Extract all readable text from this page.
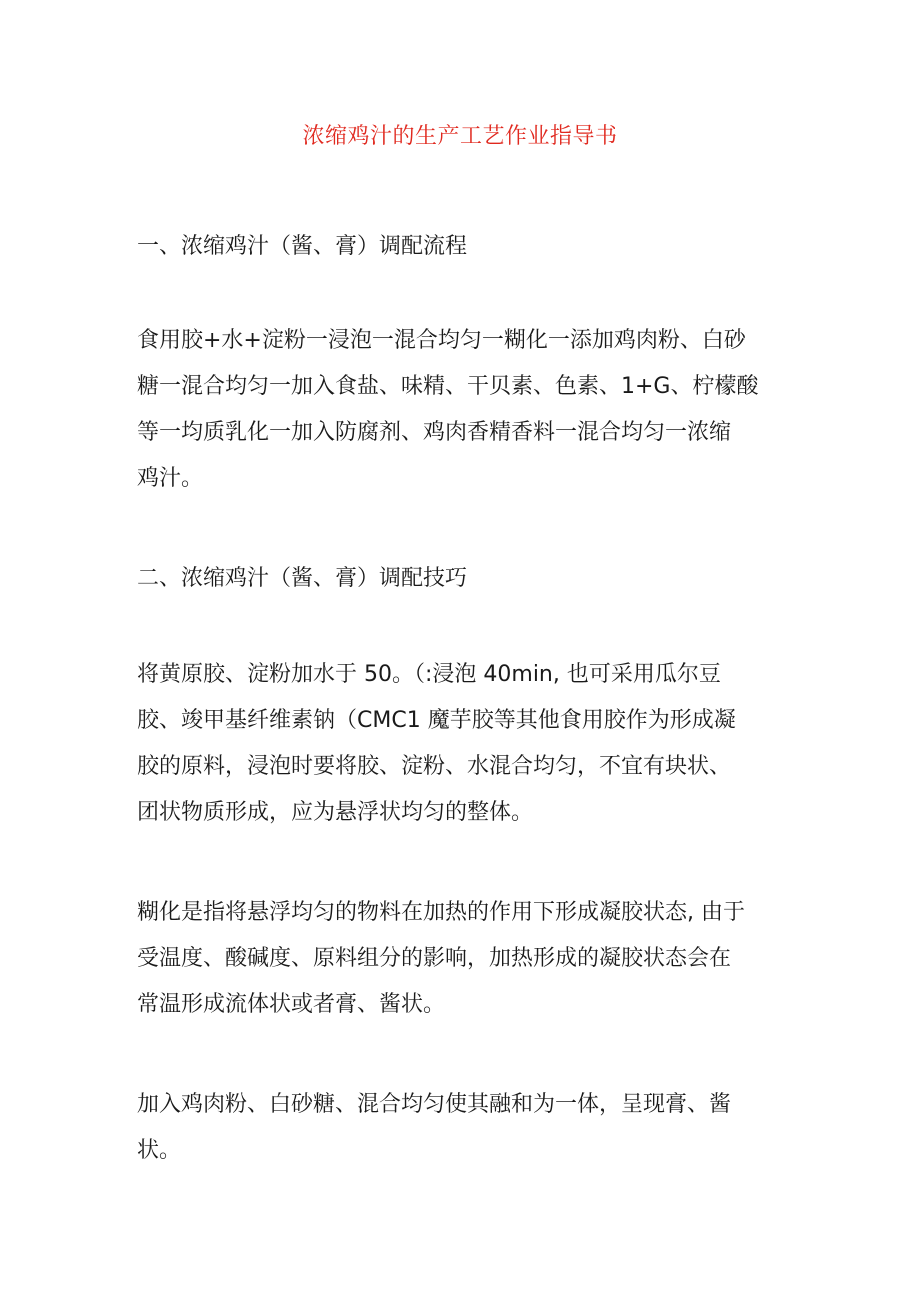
浓缩鸡汁的生产工艺作业指导书
一、浓缩鸡汁（酱、膏）调配流程
食用胶+水+淀粉一浸泡一混合均匀一糊化一添加鸡肉粉、白砂
糖一混合均匀一加入食盐、味精、干贝素、色素、1+G、柠檬酸
等一均质乳化一加入防腐剂、鸡肉香精香料一混合均匀一浓缩
鸡汁。
二、浓缩鸡汁（酱、膏）调配技巧
将黄原胶、淀粉加水于 50。（:浸泡 40min, 也可采用瓜尔豆
胶、竣甲基纤维素钠（CMC1 魔芋胶等其他食用胶作为形成凝
胶的原料，浸泡时要将胶、淀粉、水混合均匀，不宜有块状、
团状物质形成，应为悬浮状均匀的整体。
糊化是指将悬浮均匀的物料在加热的作用下形成凝胶状态, 由于
受温度、酸碱度、原料组分的影响，加热形成的凝胶状态会在
常温形成流体状或者膏、酱状。
加入鸡肉粉、白砂糖、混合均匀使其融和为一体，呈现膏、酱
状。
